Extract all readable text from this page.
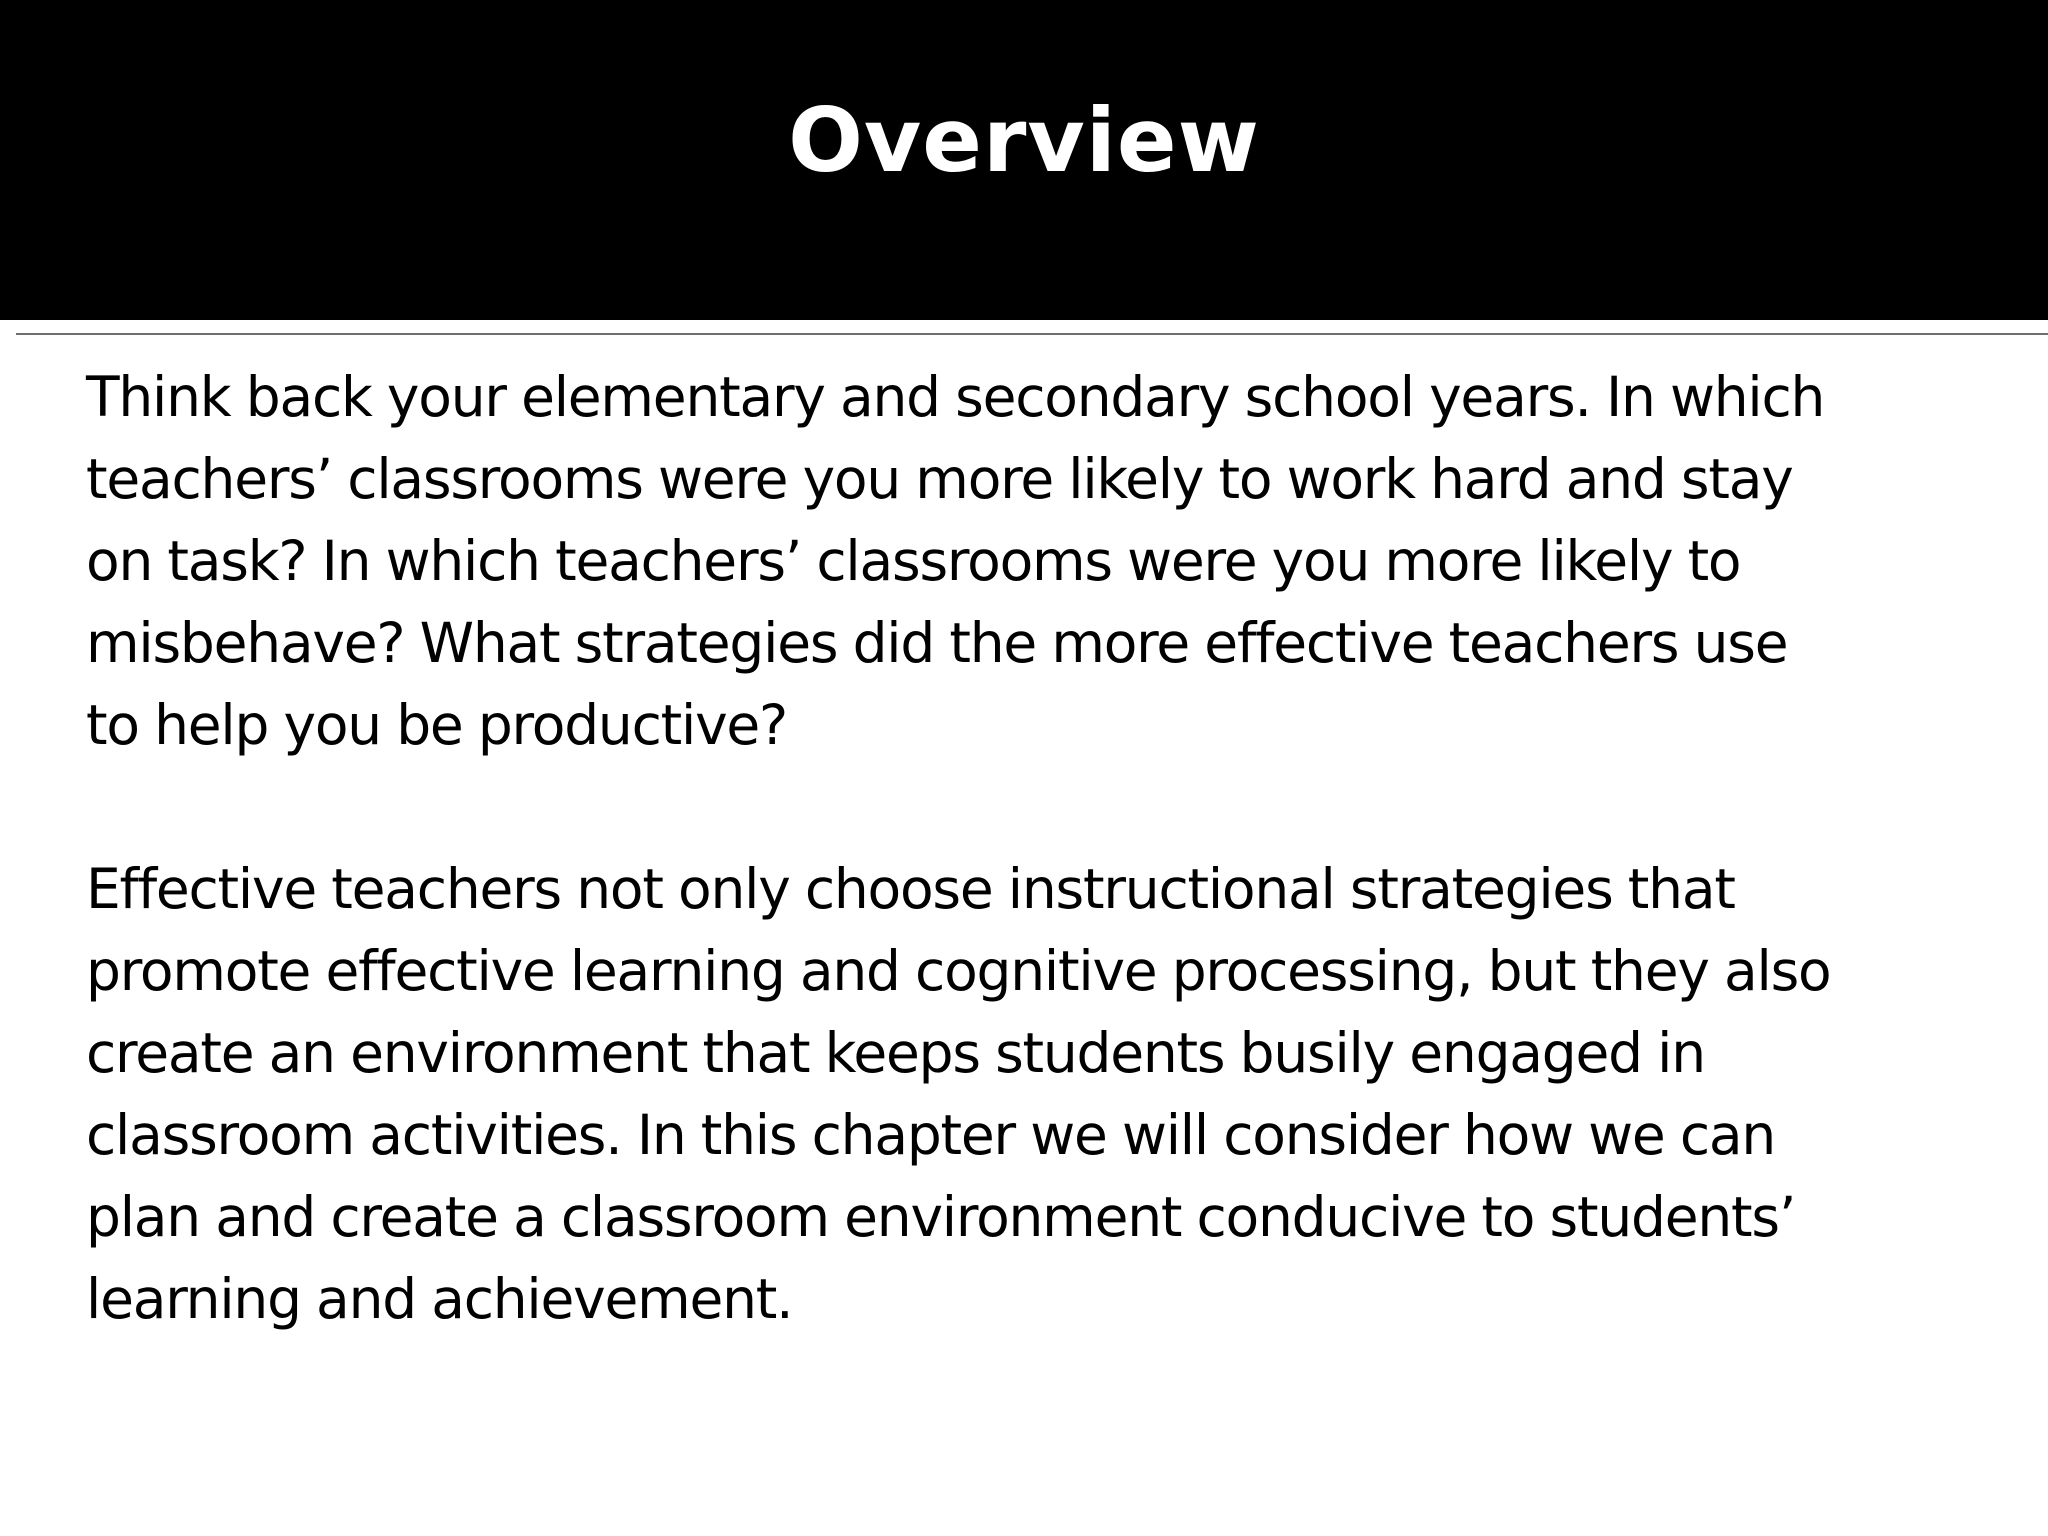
Overview
Think back your elementary and secondary school years. In which
teachers’ classrooms were you more likely to work hard and stay
on task? In which teachers’ classrooms were you more likely to
misbehave? What strategies did the more effective teachers use
to help you be productive?
Effective teachers not only choose instructional strategies that
promote effective learning and cognitive processing, but they also
create an environment that keeps students busily engaged in
classroom activities. In this chapter we will consider how we can
plan and create a classroom environment conducive to students’
learning and achievement.
